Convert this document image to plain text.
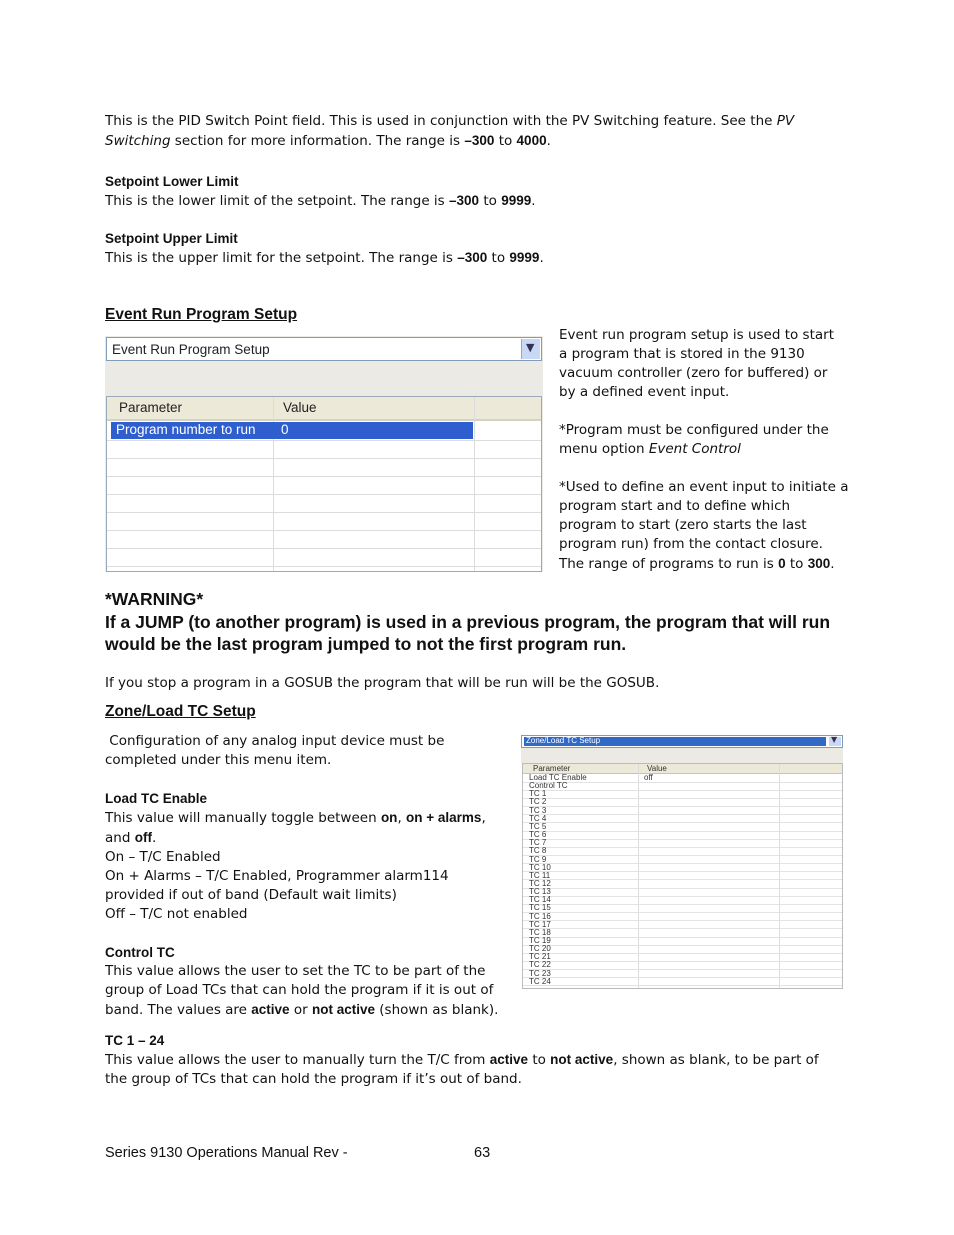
This is the PID Switch Point field. This is used in conjunction with the PV Switching feature. See the PV
Switching section for more information. The range is –300 to 4000.
Setpoint Lower Limit
This is the lower limit of the setpoint. The range is –300 to 9999.
Setpoint Upper Limit
This is the upper limit for the setpoint. The range is –300 to 9999.
Event Run Program Setup
Event Run Program Setup	▼
Parameter	Value
Program number to run 0
Event run program setup is used to start
a program that is stored in the 9130
vacuum controller (zero for buffered) or
by a defined event input.
*Program must be configured under the
menu option Event Control
*Used to define an event input to initiate a
program start and to define which
program to start (zero starts the last
program run) from the contact closure.
The range of programs to run is 0 to 300.
*WARNING*
If a JUMP (to another program) is used in a previous program, the program that will run
would be the last program jumped to not the first program run.
If you stop a program in a GOSUB the program that will be run will be the GOSUB.
Zone/Load TC Setup
Configuration of any analog input device must be
completed under this menu item.
Load TC Enable
This value will manually toggle between on, on + alarms,
and off.
On – T/C Enabled
On + Alarms – T/C Enabled, Programmer alarm114
provided if out of band (Default wait limits)
Off – T/C not enabled
Control TC
This value allows the user to set the TC to be part of the
group of Load TCs that can hold the program if it is out of
band. The values are active or not active (shown as blank).
TC 1 – 24
This value allows the user to manually turn the T/C from active to not active, shown as blank, to be part of
the group of TCs that can hold the program if it’s out of band.
Zone/Load TC Setup	▼
Parameter	Value
Load TC Enable	off
Control TC
TC 1
TC 2
TC 3
TC 4
TC 5
TC 6
TC 7
TC 8
TC 9
TC 10
TC 11
TC 12
TC 13
TC 14
TC 15
TC 16
TC 17
TC 18
TC 19
TC 20
TC 21
TC 22
TC 23
TC 24
Series 9130 Operations Manual Rev -	63
